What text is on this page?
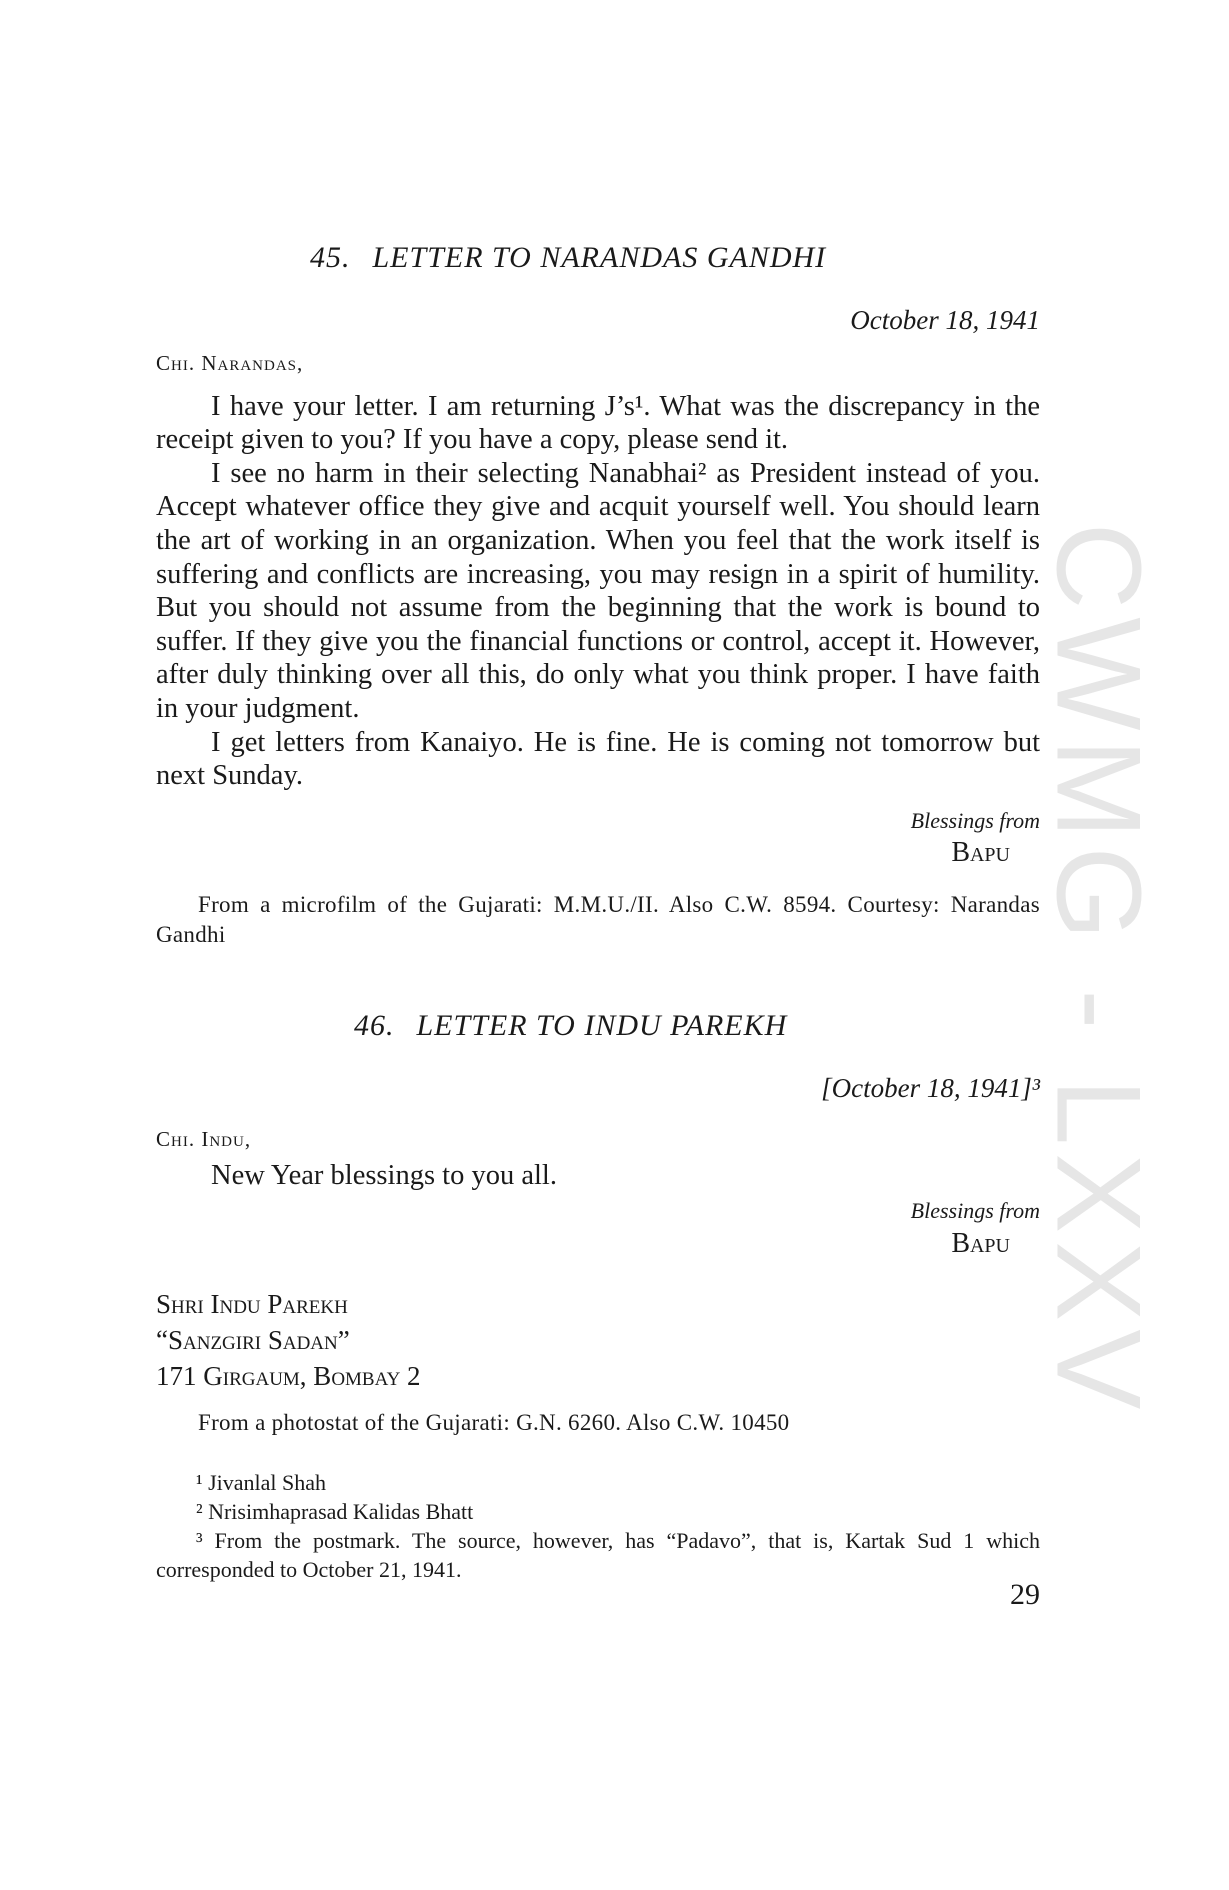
CWMG - LXXV
45. LETTER TO NARANDAS GANDHI
October 18, 1941
Chi. Narandas,

I have your letter. I am returning J’s¹. What was the discrepancy in the receipt given to you? If you have a copy, please send it.

I see no harm in their selecting Nanabhai² as President instead of you. Accept whatever office they give and acquit yourself well. You should learn the art of working in an organization. When you feel that the work itself is suffering and conflicts are increasing, you may resign in a spirit of humility. But you should not assume from the beginning that the work is bound to suffer. If they give you the financial functions or control, accept it. However, after duly thinking over all this, do only what you think proper. I have faith in your judgment.

I get letters from Kanaiyo. He is fine. He is coming not tomorrow but next Sunday.

Blessings from
Bapu
From a microfilm of the Gujarati: M.M.U./II. Also C.W. 8594. Courtesy: Narandas Gandhi
46. LETTER TO INDU PAREKH
[October 18, 1941]³
Chi. Indu,

New Year blessings to you all.

Blessings from
Bapu
Shri Indu Parekh
“Sanzgiri Sadan”
171 Girgaum, Bombay 2
From a photostat of the Gujarati: G.N. 6260. Also C.W. 10450
¹ Jivanlal Shah
² Nrisimhaprasad Kalidas Bhatt
³ From the postmark. The source, however, has “Padavo”, that is, Kartak Sud 1 which corresponded to October 21, 1941.
29
